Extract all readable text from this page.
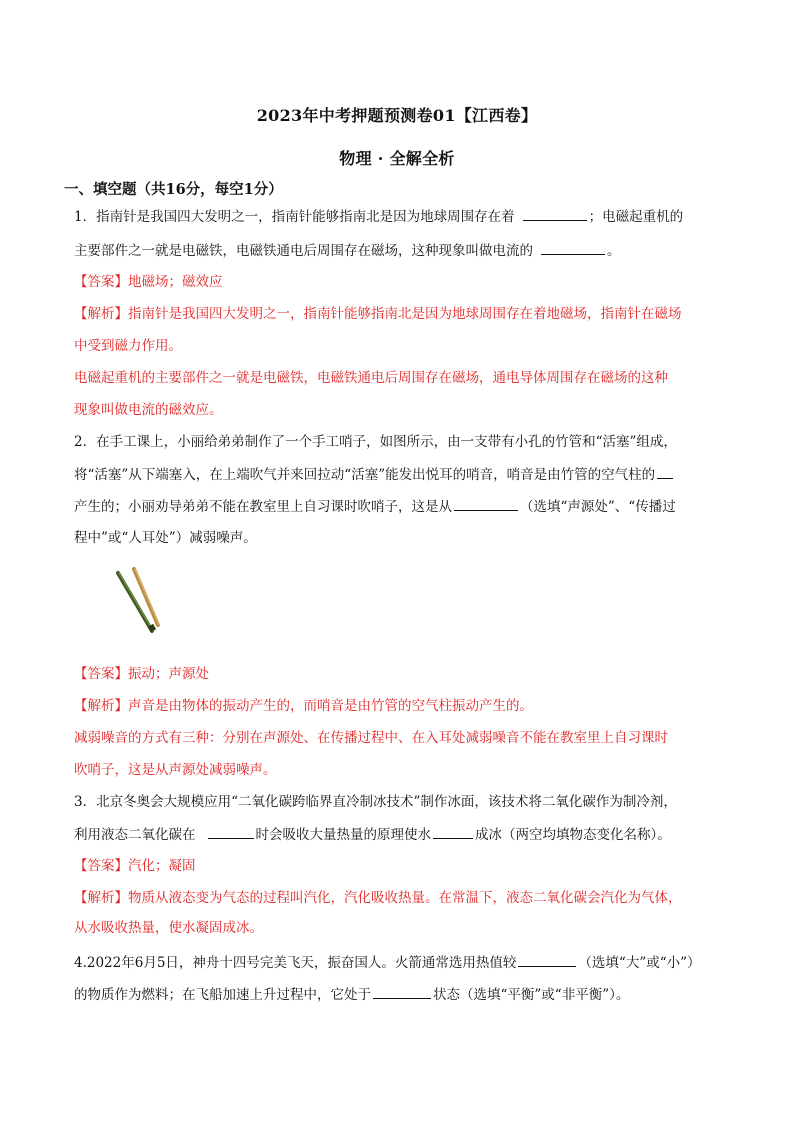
2023年中考押题预测卷01【江西卷】
物理 · 全解全析
一、填空题（共16分，每空1分）
1．指南针是我国四大发明之一，指南针能够指南北是因为地球周围存在着	；电磁起重机的
主要部件之一就是电磁铁，电磁铁通电后周围存在磁场，这种现象叫做电流的	。
【答案】地磁场；磁效应
【解析】指南针是我国四大发明之一，指南针能够指南北是因为地球周围存在着地磁场，指南针在磁场
中受到磁力作用。
电磁起重机的主要部件之一就是电磁铁，电磁铁通电后周围存在磁场，通电导体周围存在磁场的这种
现象叫做电流的磁效应。
2．在手工课上，小丽给弟弟制作了一个手工哨子，如图所示，由一支带有小孔的竹管和“活塞”组成，
将“活塞”从下端塞入，在上端吹气并来回拉动“活塞”能发出悦耳的哨音，哨音是由竹管的空气柱的
产生的；小丽劝导弟弟不能在教室里上自习课时吹哨子，这是从	（选填“声源处”、“传播过
程中”或“人耳处”）减弱噪声。
【答案】振动；声源处
【解析】声音是由物体的振动产生的，而哨音是由竹管的空气柱振动产生的。
减弱噪音的方式有三种：分别在声源处、在传播过程中、在入耳处减弱噪音不能在教室里上自习课时
吹哨子，这是从声源处减弱噪声。
3．北京冬奥会大规模应用“二氧化碳跨临界直冷制冰技术”制作冰面，该技术将二氧化碳作为制冷剂，
利用液态二氧化碳在	时会吸收大量热量的原理使水	成冰（两空均填物态变化名称）。
【答案】汽化；凝固
【解析】物质从液态变为气态的过程叫汽化，汽化吸收热量。在常温下，液态二氧化碳会汽化为气体，
从水吸收热量，使水凝固成冰。
4.2022年6月5日，神舟十四号完美飞天，振奋国人。火箭通常选用热值较	（选填“大”或“小”）
的物质作为燃料；在飞船加速上升过程中，它处于	状态（选填“平衡”或“非平衡”）。
